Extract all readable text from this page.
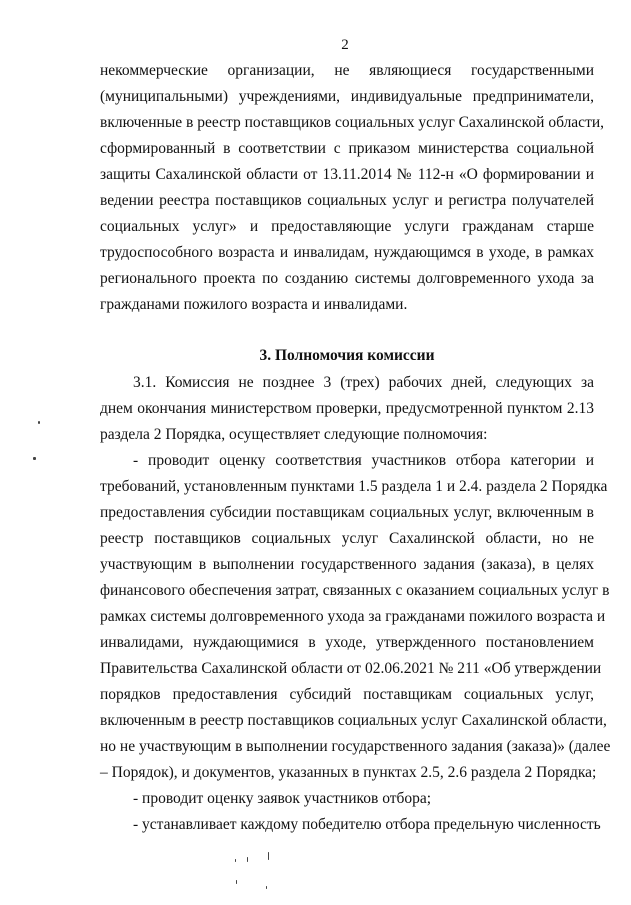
2
некоммерческие организации, не являющиеся государственными
(муниципальными) учреждениями, индивидуальные предприниматели,
включенные в реестр поставщиков социальных услуг Сахалинской области,
сформированный в соответствии с приказом министерства социальной
защиты Сахалинской области от 13.11.2014 № 112-н «О формировании и
ведении реестра поставщиков социальных услуг и регистра получателей
социальных услуг» и предоставляющие услуги гражданам старше
трудоспособного возраста и инвалидам, нуждающимся в уходе, в рамках
регионального проекта по созданию системы долговременного ухода за
гражданами пожилого возраста и инвалидами.
3. Полномочия комиссии
3.1. Комиссия не позднее 3 (трех) рабочих дней, следующих за
днем окончания министерством проверки, предусмотренной пунктом 2.13
раздела 2 Порядка, осуществляет следующие полномочия:
- проводит оценку соответствия участников отбора категории и
требований, установленным пунктами 1.5 раздела 1 и 2.4. раздела 2 Порядка
предоставления субсидии поставщикам социальных услуг, включенным в
реестр поставщиков социальных услуг Сахалинской области, но не
участвующим в выполнении государственного задания (заказа), в целях
финансового обеспечения затрат, связанных с оказанием социальных услуг в
рамках системы долговременного ухода за гражданами пожилого возраста и
инвалидами, нуждающимися в уходе, утвержденного постановлением
Правительства Сахалинской области от 02.06.2021 № 211 «Об утверждении
порядков предоставления субсидий поставщикам социальных услуг,
включенным в реестр поставщиков социальных услуг Сахалинской области,
но не участвующим в выполнении государственного задания (заказа)» (далее
– Порядок), и документов, указанных в пунктах 2.5, 2.6 раздела 2 Порядка;
- проводит оценку заявок участников отбора;
- устанавливает каждому победителю отбора предельную численность
